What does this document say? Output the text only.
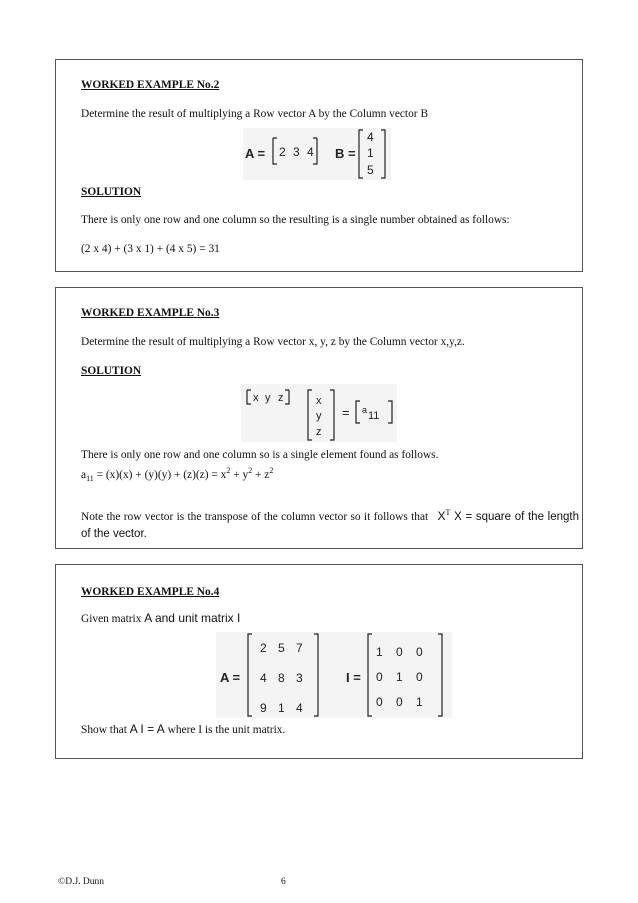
WORKED EXAMPLE No.2
Determine the result of multiplying a Row vector A by the Column vector B
A = 2 3 4 B =
4
1
5
SOLUTION
There is only one row and one column so the resulting is a single number obtained as follows:
(2 x 4) + (3 x 1) + (4 x 5) = 31
WORKED EXAMPLE No.3
Determine the result of multiplying a Row vector x, y, z by the Column vector x,y,z.
SOLUTION
x y z	x
y
z
= a 11
There is only one row and one column so is a single element found as follows.
$a_{11} = (x)(x) + (y)(y) + (z)(z) = x^2 + y^2 + z^2$
Note the row vector is the transpose of the column vector so it follows that $X^T$ X = square of the length of the vector.
WORKED EXAMPLE No.4
Given matrix A and unit matrix I
A =
2 5 7
4 8 3
9 1 4
I =
1 0 0
0 1 0
0 0 1
Show that A I = A where I is the unit matrix.
©D.J. Dunn	6
